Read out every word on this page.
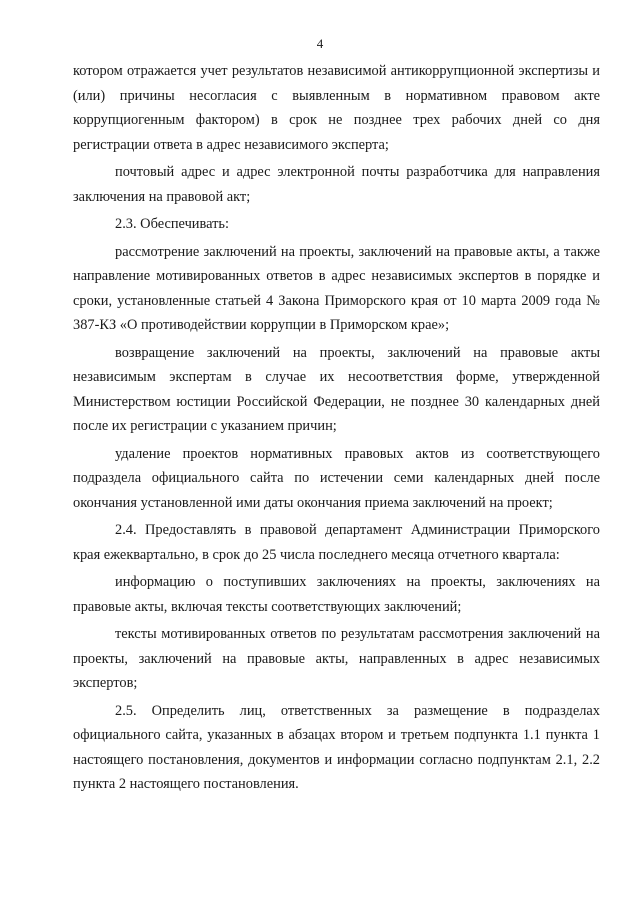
4

котором отражается учет результатов независимой антикоррупционной экспертизы и (или) причины несогласия с выявленным в нормативном правовом акте коррупциогенным фактором) в срок не позднее трех рабочих дней со дня регистрации ответа в адрес независимого эксперта;

почтовый адрес и адрес электронной почты разработчика для направления заключения на правовой акт;

2.3. Обеспечивать:

рассмотрение заключений на проекты, заключений на правовые акты, а также направление мотивированных ответов в адрес независимых экспертов в порядке и сроки, установленные статьей 4 Закона Приморского края от 10 марта 2009 года № 387-КЗ «О противодействии коррупции в Приморском крае»;

возвращение заключений на проекты, заключений на правовые акты независимым экспертам в случае их несоответствия форме, утвержденной Министерством юстиции Российской Федерации, не позднее 30 календарных дней после их регистрации с указанием причин;

удаление проектов нормативных правовых актов из соответствующего подраздела официального сайта по истечении семи календарных дней после окончания установленной ими даты окончания приема заключений на проект;

2.4. Предоставлять в правовой департамент Администрации Приморского края ежеквартально, в срок до 25 числа последнего месяца отчетного квартала:

информацию о поступивших заключениях на проекты, заключениях на правовые акты, включая тексты соответствующих заключений;

тексты мотивированных ответов по результатам рассмотрения заключений на проекты, заключений на правовые акты, направленных в адрес независимых экспертов;

2.5. Определить лиц, ответственных за размещение в подразделах официального сайта, указанных в абзацах втором и третьем подпункта 1.1 пункта 1 настоящего постановления, документов и информации согласно подпунктам 2.1, 2.2 пункта 2 настоящего постановления.
